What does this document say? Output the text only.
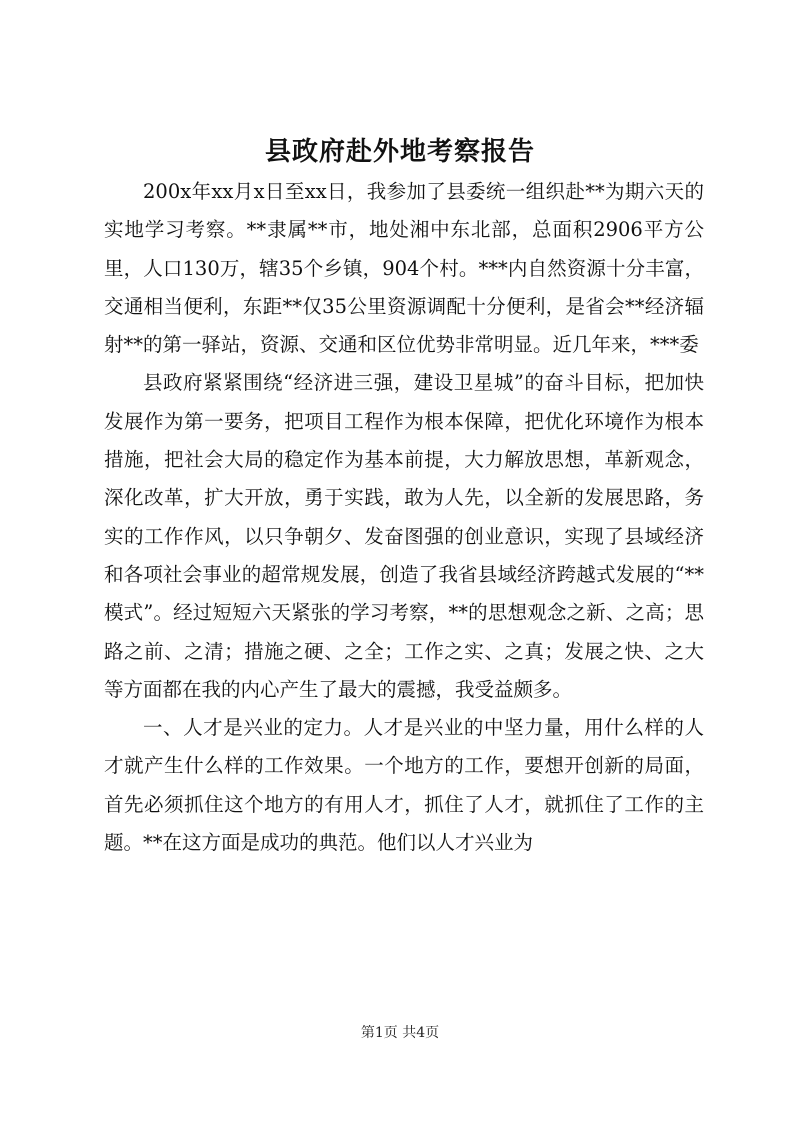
县政府赴外地考察报告

200x年xx月x日至xx日，我参加了县委统一组织赴**为期六天的实地学习考察。**隶属**市，地处湘中东北部，总面积2906平方公里，人口130万，辖35个乡镇，904个村。***内自然资源十分丰富，交通相当便利，东距**仅35公里资源调配十分便利，是省会**经济辐射**的第一驿站，资源、交通和区位优势非常明显。近几年来，***委

县政府紧紧围绕“经济进三强，建设卫星城”的奋斗目标，把加快发展作为第一要务，把项目工程作为根本保障，把优化环境作为根本措施，把社会大局的稳定作为基本前提，大力解放思想，革新观念，深化改革，扩大开放，勇于实践，敢为人先，以全新的发展思路，务实的工作作风，以只争朝夕、发奋图强的创业意识，实现了县域经济和各项社会事业的超常规发展，创造了我省县域经济跨越式发展的“**模式”。经过短短六天紧张的学习考察，**的思想观念之新、之高；思路之前、之清；措施之硬、之全；工作之实、之真；发展之快、之大等方面都在我的内心产生了最大的震撼，我受益颇多。

一、人才是兴业的定力。人才是兴业的中坚力量，用什么样的人才就产生什么样的工作效果。一个地方的工作，要想开创新的局面，首先必须抓住这个地方的有用人才，抓住了人才，就抓住了工作的主题。**在这方面是成功的典范。他们以人才兴业为

第1页 共4页
